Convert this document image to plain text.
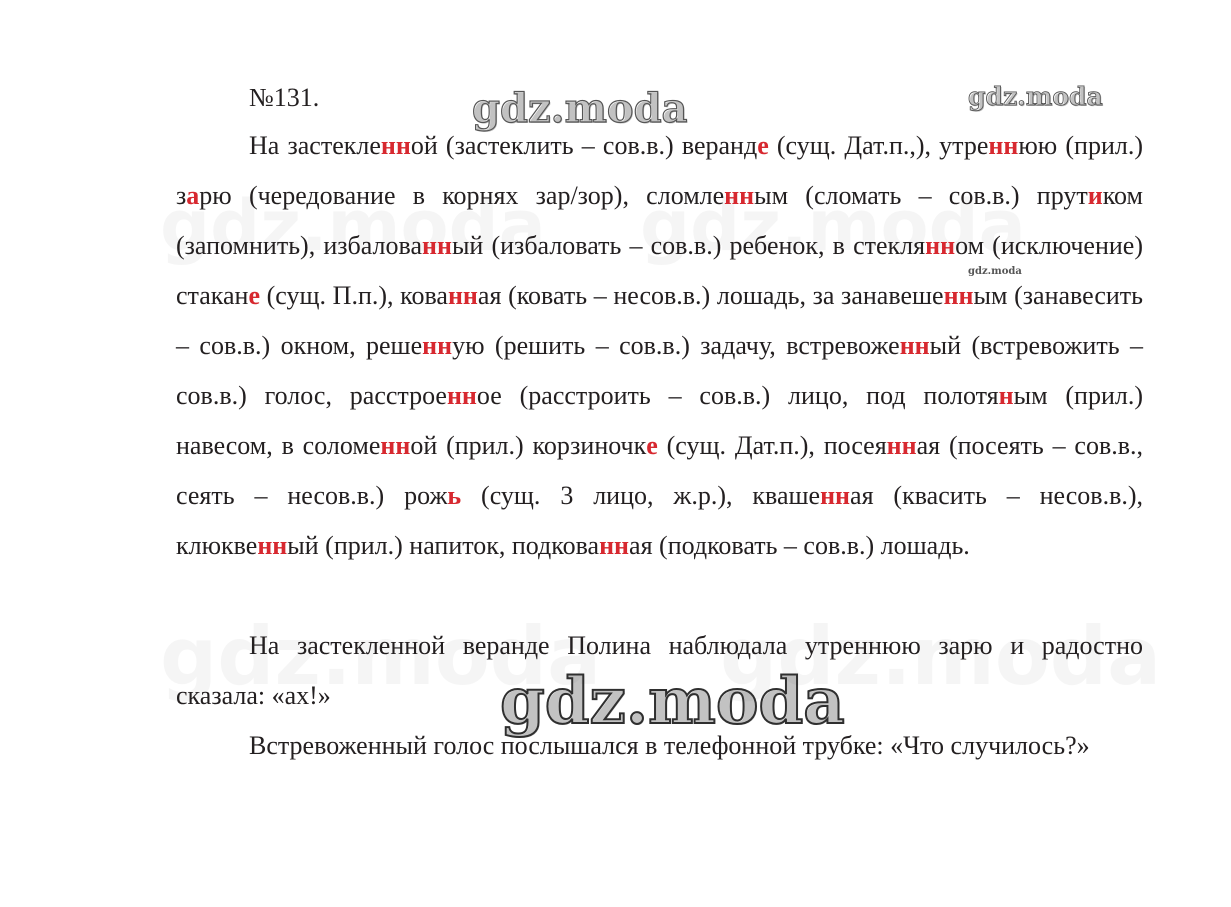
№131.

На застекленной (застеклить – сов.в.) веранде (сущ. Дат.п.,), утреннюю (прил.) зарю (чередование в корнях зар/зор), сломленным (сломать – сов.в.) прутиком (запомнить), избалованный (избаловать – сов.в.) ребенок, в стеклянном (исключение) стакане (сущ. П.п.), кованная (ковать – несов.в.) лошадь, за занавешенным (занавесить – сов.в.) окном, решенную (решить – сов.в.) задачу, встревоженный (встревожить – сов.в.) голос, расстроенное (расстроить – сов.в.) лицо, под полотяным (прил.) навесом, в соломенной (прил.) корзиночке (сущ. Дат.п.), посеянная (посеять – сов.в., сеять – несов.в.) рожь (сущ. 3 лицо, ж.р.), квашенная (квасить – несов.в.), клюквенный (прил.) напиток, подкованная (подковать – сов.в.) лошадь.

На застекленной веранде Полина наблюдала утреннюю зарю и радостно сказала: «ах!»

Встревоженный голос послышался в телефонной трубке: «Что случилось?»

gdz.moda	gdz.moda
gdz.moda
gdz.moda
